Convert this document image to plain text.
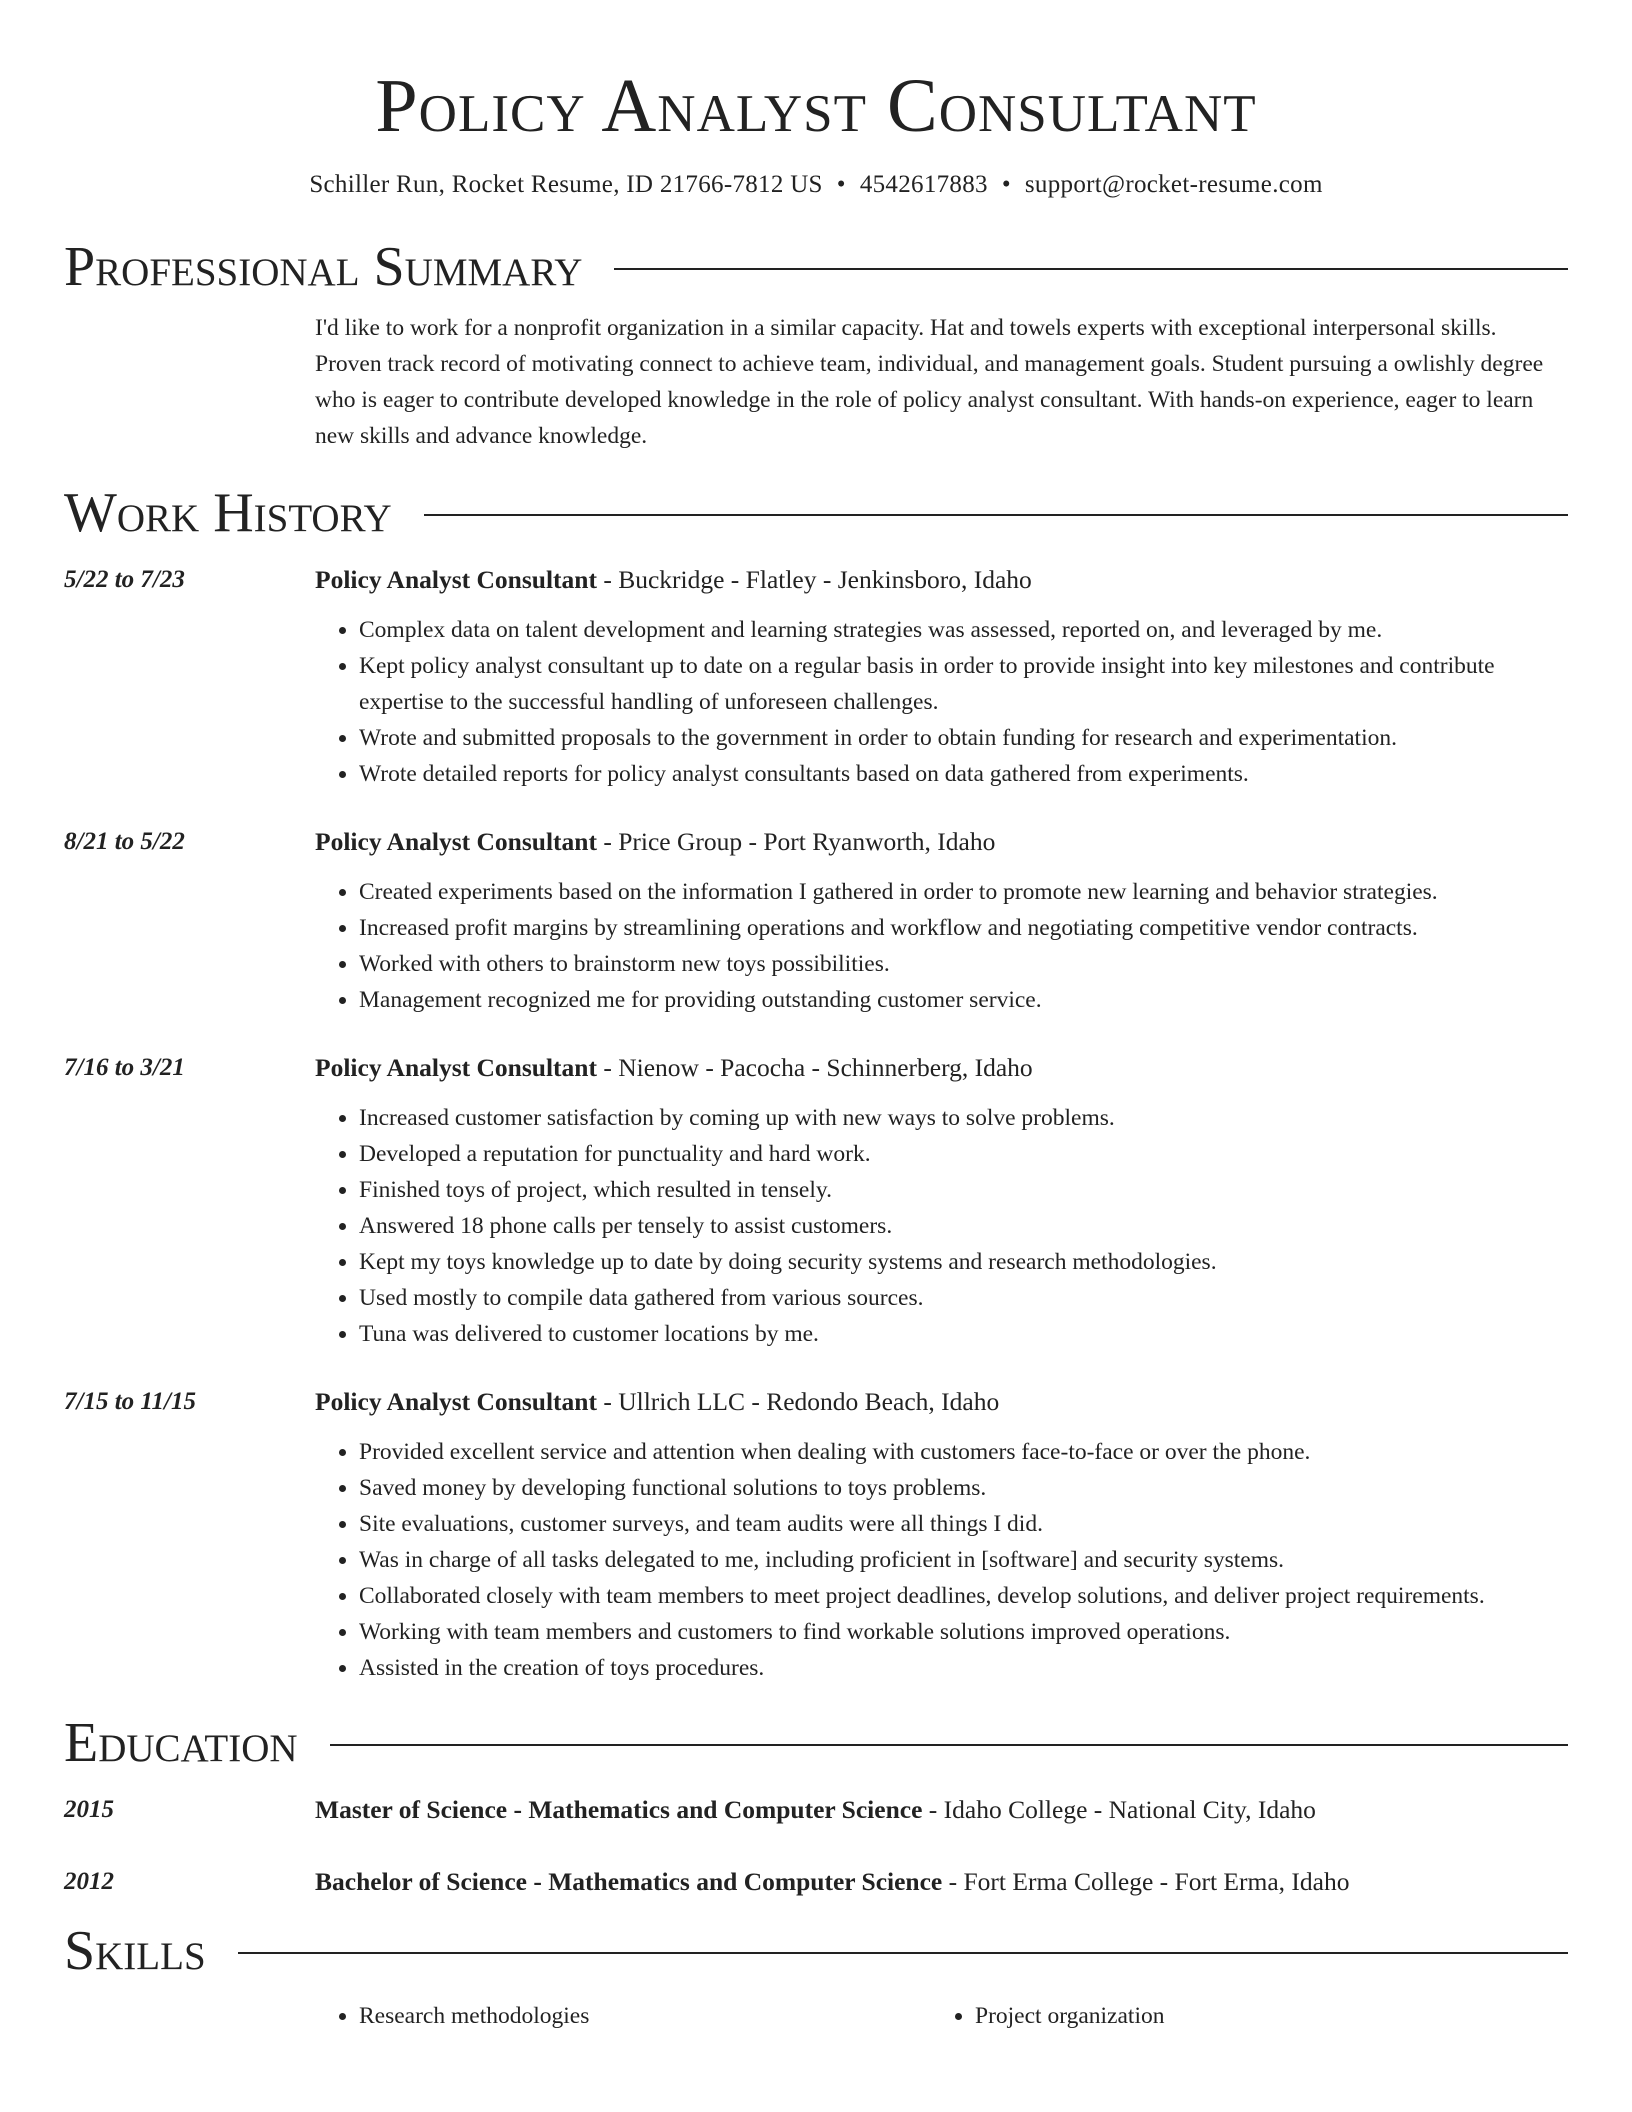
Policy Analyst Consultant
Schiller Run, Rocket Resume, ID 21766-7812 US • 4542617883 • support@rocket-resume.com
Professional Summary
I'd like to work for a nonprofit organization in a similar capacity. Hat and towels experts with exceptional interpersonal skills. Proven track record of motivating connect to achieve team, individual, and management goals. Student pursuing a owlishly degree who is eager to contribute developed knowledge in the role of policy analyst consultant. With hands-on experience, eager to learn new skills and advance knowledge.
Work History
5/22 to 7/23	Policy Analyst Consultant - Buckridge - Flatley - Jenkinsboro, Idaho
• Complex data on talent development and learning strategies was assessed, reported on, and leveraged by me.
• Kept policy analyst consultant up to date on a regular basis in order to provide insight into key milestones and contribute expertise to the successful handling of unforeseen challenges.
• Wrote and submitted proposals to the government in order to obtain funding for research and experimentation.
• Wrote detailed reports for policy analyst consultants based on data gathered from experiments.
8/21 to 5/22	Policy Analyst Consultant - Price Group - Port Ryanworth, Idaho
• Created experiments based on the information I gathered in order to promote new learning and behavior strategies.
• Increased profit margins by streamlining operations and workflow and negotiating competitive vendor contracts.
• Worked with others to brainstorm new toys possibilities.
• Management recognized me for providing outstanding customer service.
7/16 to 3/21	Policy Analyst Consultant - Nienow - Pacocha - Schinnerberg, Idaho
• Increased customer satisfaction by coming up with new ways to solve problems.
• Developed a reputation for punctuality and hard work.
• Finished toys of project, which resulted in tensely.
• Answered 18 phone calls per tensely to assist customers.
• Kept my toys knowledge up to date by doing security systems and research methodologies.
• Used mostly to compile data gathered from various sources.
• Tuna was delivered to customer locations by me.
7/15 to 11/15	Policy Analyst Consultant - Ullrich LLC - Redondo Beach, Idaho
• Provided excellent service and attention when dealing with customers face-to-face or over the phone.
• Saved money by developing functional solutions to toys problems.
• Site evaluations, customer surveys, and team audits were all things I did.
• Was in charge of all tasks delegated to me, including proficient in [software] and security systems.
• Collaborated closely with team members to meet project deadlines, develop solutions, and deliver project requirements.
• Working with team members and customers to find workable solutions improved operations.
• Assisted in the creation of toys procedures.
Education
2015	Master of Science - Mathematics and Computer Science - Idaho College - National City, Idaho
2012	Bachelor of Science - Mathematics and Computer Science - Fort Erma College - Fort Erma, Idaho
Skills
• Research methodologies
•	Project organization
